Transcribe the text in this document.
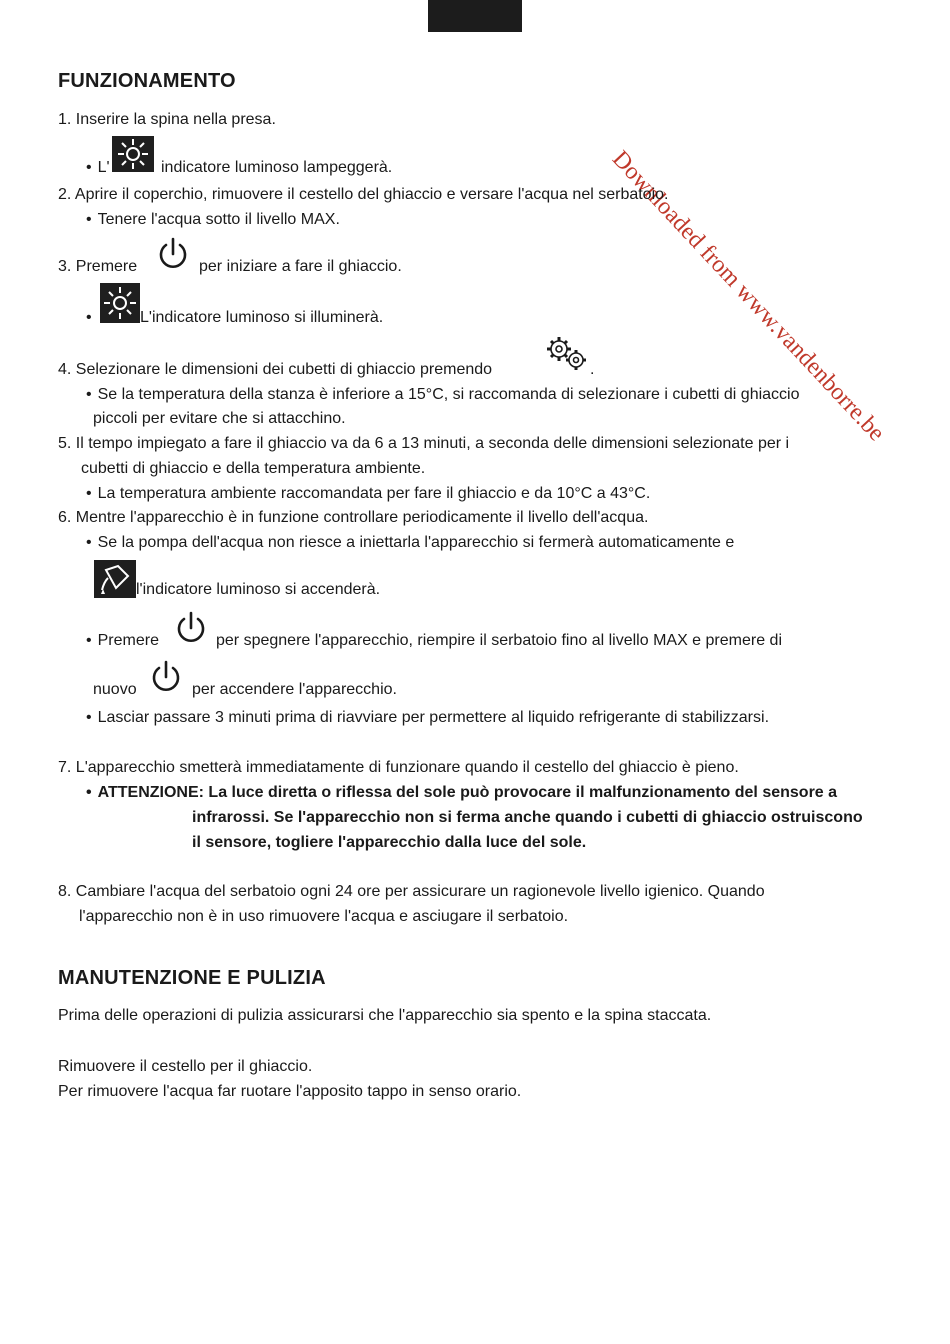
Downloaded from www.vandenborre.be
FUNZIONAMENTO
1. Inserire la spina nella presa.
• L'	indicatore luminoso lampeggerà.
2. Aprire il coperchio, rimuovere il cestello del ghiaccio e versare l'acqua nel serbatoio.
• Tenere l'acqua sotto il livello MAX.
3. Premere	per iniziare a fare il ghiaccio.
•	L'indicatore luminoso si illuminerà.
4. Selezionare le dimensioni dei cubetti di ghiaccio premendo	.
• Se la temperatura della stanza è inferiore a 15°C, si raccomanda di selezionare i cubetti di ghiaccio
piccoli per evitare che si attacchino.
5. Il tempo impiegato a fare il ghiaccio va da 6 a 13 minuti, a seconda delle dimensioni selezionate per i
cubetti di ghiaccio e della temperatura ambiente.
• La temperatura ambiente raccomandata per fare il ghiaccio e da 10°C a 43°C.
6. Mentre l'apparecchio è in funzione controllare periodicamente il livello dell'acqua.
• Se la pompa dell'acqua non riesce a iniettarla l'apparecchio si fermerà automaticamente e
l'indicatore luminoso si accenderà.
• Premere	per spegnere l'apparecchio, riempire il serbatoio fino al livello MAX e premere di
nuovo	per accendere l'apparecchio.
• Lasciar passare 3 minuti prima di riavviare per permettere al liquido refrigerante di stabilizzarsi.
7. L'apparecchio smetterà immediatamente di funzionare quando il cestello del ghiaccio è pieno.
• ATTENZIONE: La luce diretta o riflessa del sole può provocare il malfunzionamento del sensore a
infrarossi. Se l'apparecchio non si ferma anche quando i cubetti di ghiaccio ostruiscono
il sensore, togliere l'apparecchio dalla luce del sole.
8. Cambiare l'acqua del serbatoio ogni 24 ore per assicurare un ragionevole livello igienico. Quando
l'apparecchio non è in uso rimuovere l'acqua e asciugare il serbatoio.
MANUTENZIONE E PULIZIA
Prima delle operazioni di pulizia assicurarsi che l'apparecchio sia spento e la spina staccata.
Rimuovere il cestello per il ghiaccio.
Per rimuovere l'acqua far ruotare l'apposito tappo in senso orario.
